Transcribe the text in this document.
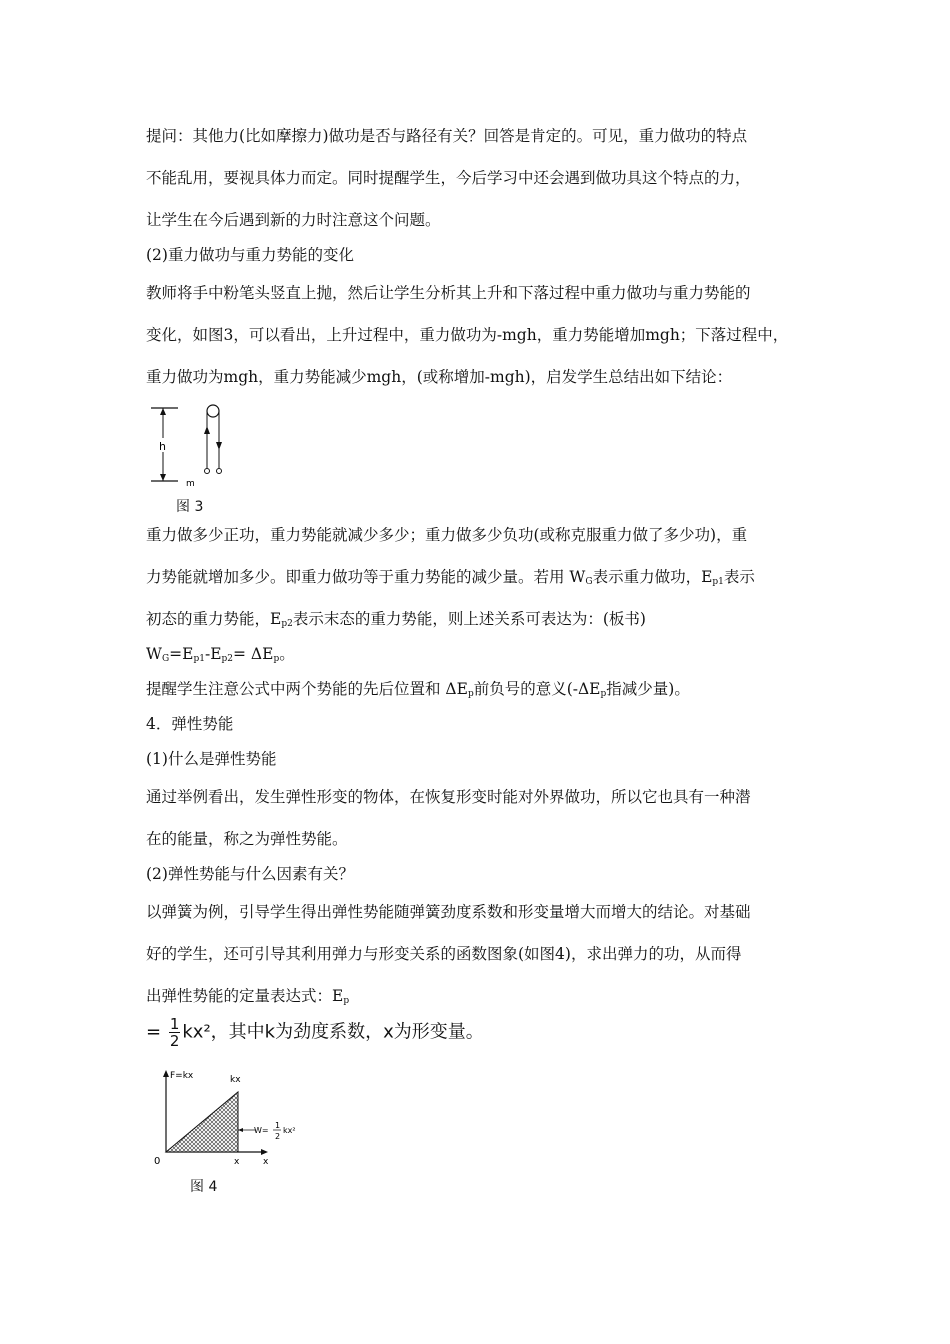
提问：其他力(比如摩擦力)做功是否与路径有关？回答是肯定的。可见，重力做功的特点
不能乱用，要视具体力而定。同时提醒学生，今后学习中还会遇到做功具这个特点的力，
让学生在今后遇到新的力时注意这个问题。
(2)重力做功与重力势能的变化
教师将手中粉笔头竖直上抛，然后让学生分析其上升和下落过程中重力做功与重力势能的
变化，如图3，可以看出，上升过程中，重力做功为-mgh，重力势能增加mgh；下落过程中，
重力做功为mgh，重力势能减少mgh，(或称增加-mgh)，启发学生总结出如下结论：
h
m
图 3
重力做多少正功，重力势能就减少多少；重力做多少负功(或称克服重力做了多少功)，重
力势能就增加多少。即重力做功等于重力势能的减少量。若用 $W_G$表示重力做功，$E_{p1}$表示
初态的重力势能，$E_{p2}$表示末态的重力势能，则上述关系可表达为：(板书)
$W_G=E_{p1}-E_{p2}= \Delta E_p$。
提醒学生注意公式中两个势能的先后位置和 $\Delta E_p$前负号的意义($-\Delta E_p$指减少量)。
4．弹性势能
(1)什么是弹性势能
通过举例看出，发生弹性形变的物体，在恢复形变时能对外界做功，所以它也具有一种潜
在的能量，称之为弹性势能。
(2)弹性势能与什么因素有关？
以弹簧为例，引导学生得出弹性势能随弹簧劲度系数和形变量增大而增大的结论。对基础
好的学生，还可引导其利用弹力与形变关系的函数图象(如图4)，求出弹力的功，从而得
出弹性势能的定量表达式：$E_p$
= $\frac{1}{2} kx^2$，其中k为劲度系数，x为形变量。
F=kx	kx
W=
1
2
kx²
0	x	x
图 4
